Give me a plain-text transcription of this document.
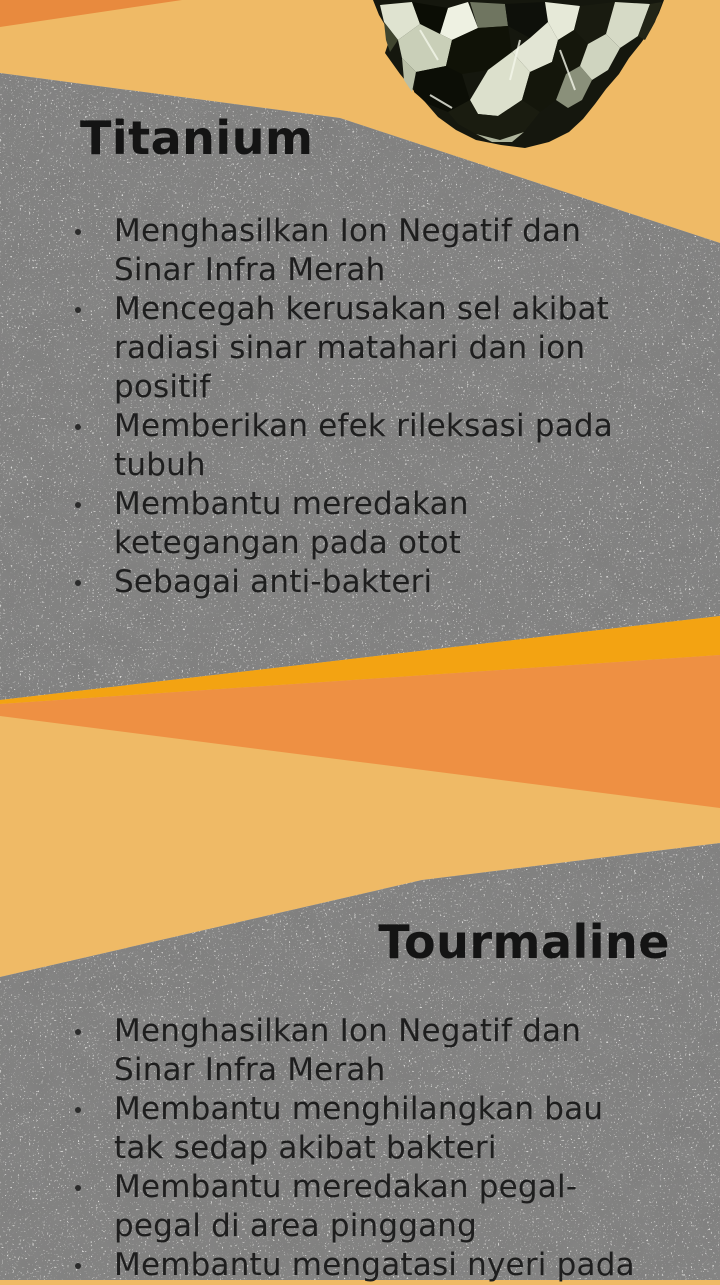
Titanium
Menghasilkan Ion Negatif dan Sinar Infra Merah
Mencegah kerusakan sel akibat radiasi sinar matahari dan ion positif
Memberikan efek rileksasi pada tubuh
Membantu meredakan ketegangan pada otot
Sebagai anti-bakteri
Tourmaline
Menghasilkan Ion Negatif dan Sinar Infra Merah
Membantu menghilangkan bau tak sedap akibat bakteri
Membantu meredakan pegal-pegal di area pinggang
Membantu mengatasi nyeri pada
